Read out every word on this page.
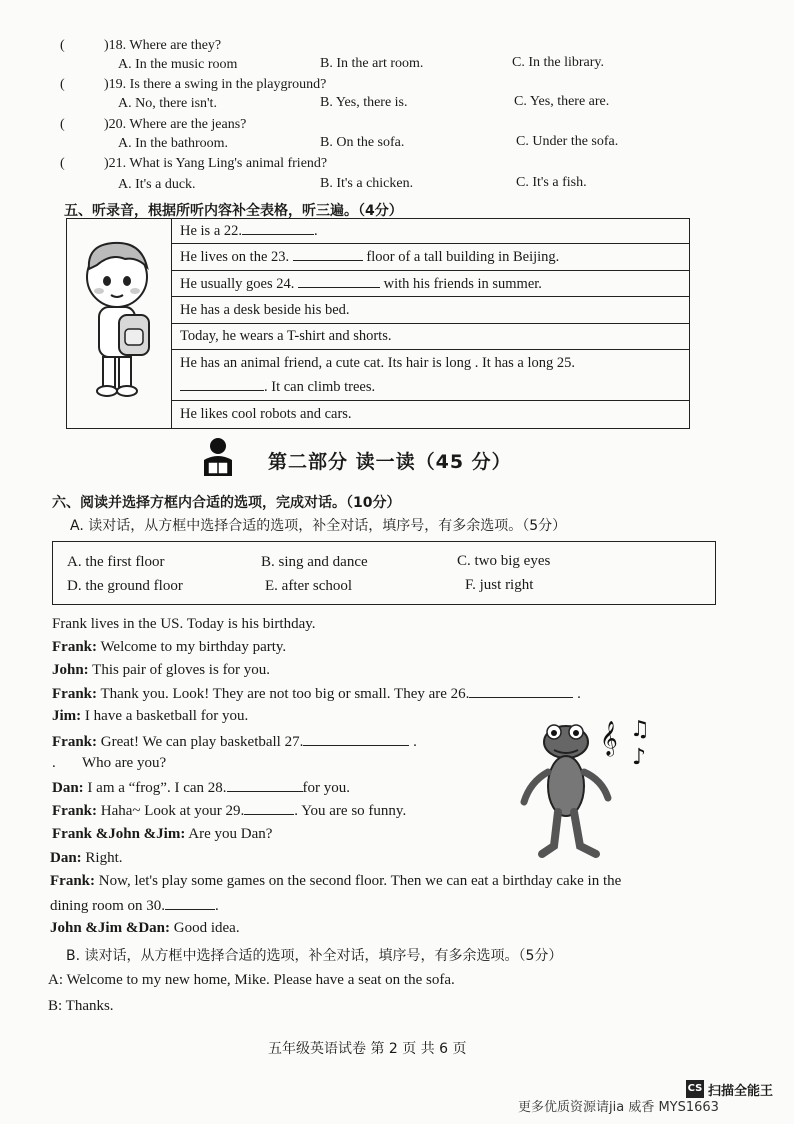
(	)18. Where are they?
A. In the music room	B. In the art room.	C. In the library.
(	)19. Is there a swing in the playground?
A. No, there isn't.	B. Yes, there is.	C. Yes, there are.
(	)20. Where are the jeans?
A. In the bathroom.	B. On the sofa.	C. Under the sofa.
(	)21. What is Yang Ling's animal friend?
A. It's a duck.	B. It's a chicken.	C. It's a fish.
五、听录音，根据所听内容补全表格，听三遍。（4分）
	He is a 22.	.
He lives on the 23.	floor of a tall building in Beijing.
He usually goes 24.	with his friends in summer.
He has a desk beside his bed.
Today, he wears a T-shirt and shorts.
He has an animal friend, a cute cat. Its hair is long . It has a long 25.
. It can climb trees.
He likes cool robots and cars.
第二部分 读一读（45 分）
六、阅读并选择方框内合适的选项，完成对话。（10分）
A. 读对话，从方框中选择合适的选项，补全对话，填序号，有多余选项。（5分）
A. the first floor	B. sing and dance	C. two big eyes
D. the ground floor	E. after school	F. just right
Frank lives in the US. Today is his birthday.
Frank: Welcome to my birthday party.
John: This pair of gloves is for you.
Frank: Thank you. Look! They are not too big or small. They are 26.	.
Jim: I have a basketball for you.
Frank: Great! We can play basketball 27.	.
.       Who are you?
Dan: I am a “frog”. I can 28.	for you.
Frank: Haha~ Look at your 29.	. You are so funny.
Frank &John &Jim: Are you Dan?
Dan: Right.
Frank: Now, let's play some games on the second floor. Then we can eat a birthday cake in the
dining room on 30.	.
John &Jim &Dan: Good idea.
𝄞 ♫
♪
B. 读对话，从方框中选择合适的选项，补全对话，填序号，有多余选项。（5分）
A: Welcome to my new home, Mike. Please have a seat on the sofa.
B: Thanks.
五年级英语试卷 第 2 页 共 6 页
CS 扫描全能王
更多优质资源请jia 威香 MYS1663
